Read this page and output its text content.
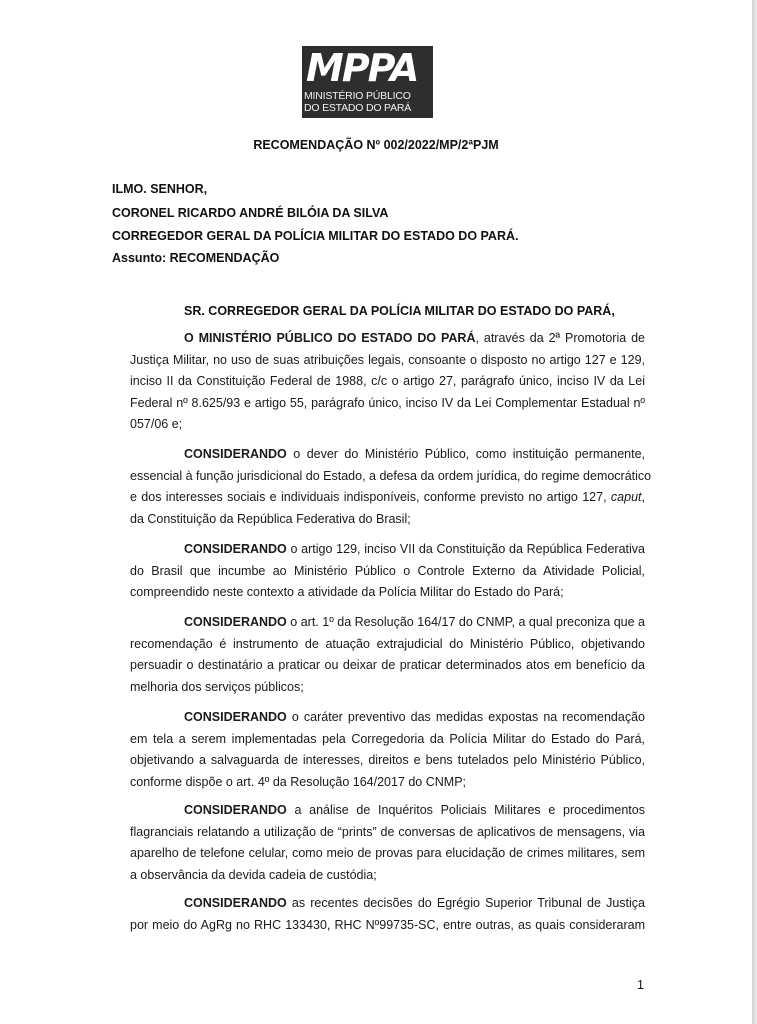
MPPA
MINISTÉRIO PÚBLICO
DO ESTADO DO PARÁ
RECOMENDAÇÃO Nº 002/2022/MP/2ªPJM
ILMO. SENHOR,
CORONEL RICARDO ANDRÉ BILÓIA DA SILVA
CORREGEDOR GERAL DA POLÍCIA MILITAR DO ESTADO DO PARÁ.
Assunto: RECOMENDAÇÃO
SR. CORREGEDOR GERAL DA POLÍCIA MILITAR DO ESTADO DO PARÁ,
O MINISTÉRIO PÚBLICO DO ESTADO DO PARÁ, através da 2ª Promotoria de
Justiça Militar, no uso de suas atribuições legais, consoante o disposto no artigo 127 e 129,
inciso II da Constituição Federal de 1988, c/c o artigo 27, parágrafo único, inciso IV da Lei
Federal nº 8.625/93 e artigo 55, parágrafo único, inciso IV da Lei Complementar Estadual nº
057/06 e;
CONSIDERANDO o dever do Ministério Público, como instituição permanente,
essencial à função jurisdicional do Estado, a defesa da ordem jurídica, do regime democrático
e dos interesses sociais e individuais indisponíveis, conforme previsto no artigo 127, caput,
da Constituição da República Federativa do Brasil;
CONSIDERANDO o artigo 129, inciso VII da Constituição da República Federativa
do Brasil que incumbe ao Ministério Público o Controle Externo da Atividade Policial,
compreendido neste contexto a atividade da Polícia Militar do Estado do Pará;
CONSIDERANDO o art. 1º da Resolução 164/17 do CNMP, a qual preconiza que a
recomendação é instrumento de atuação extrajudicial do Ministério Público, objetivando
persuadir o destinatário a praticar ou deixar de praticar determinados atos em benefício da
melhoria dos serviços públicos;
CONSIDERANDO o caráter preventivo das medidas expostas na recomendação
em tela a serem implementadas pela Corregedoria da Polícia Militar do Estado do Pará,
objetivando a salvaguarda de interesses, direitos e bens tutelados pelo Ministério Público,
conforme dispõe o art. 4º da Resolução 164/2017 do CNMP;
CONSIDERANDO a análise de Inquéritos Policiais Militares e procedimentos
flagranciais relatando a utilização de “prints” de conversas de aplicativos de mensagens, via
aparelho de telefone celular, como meio de provas para elucidação de crimes militares, sem
a observância da devida cadeia de custódia;
CONSIDERANDO as recentes decisões do Egrégio Superior Tribunal de Justiça
por meio do AgRg no RHC 133430, RHC Nº99735-SC, entre outras, as quais consideraram
1
